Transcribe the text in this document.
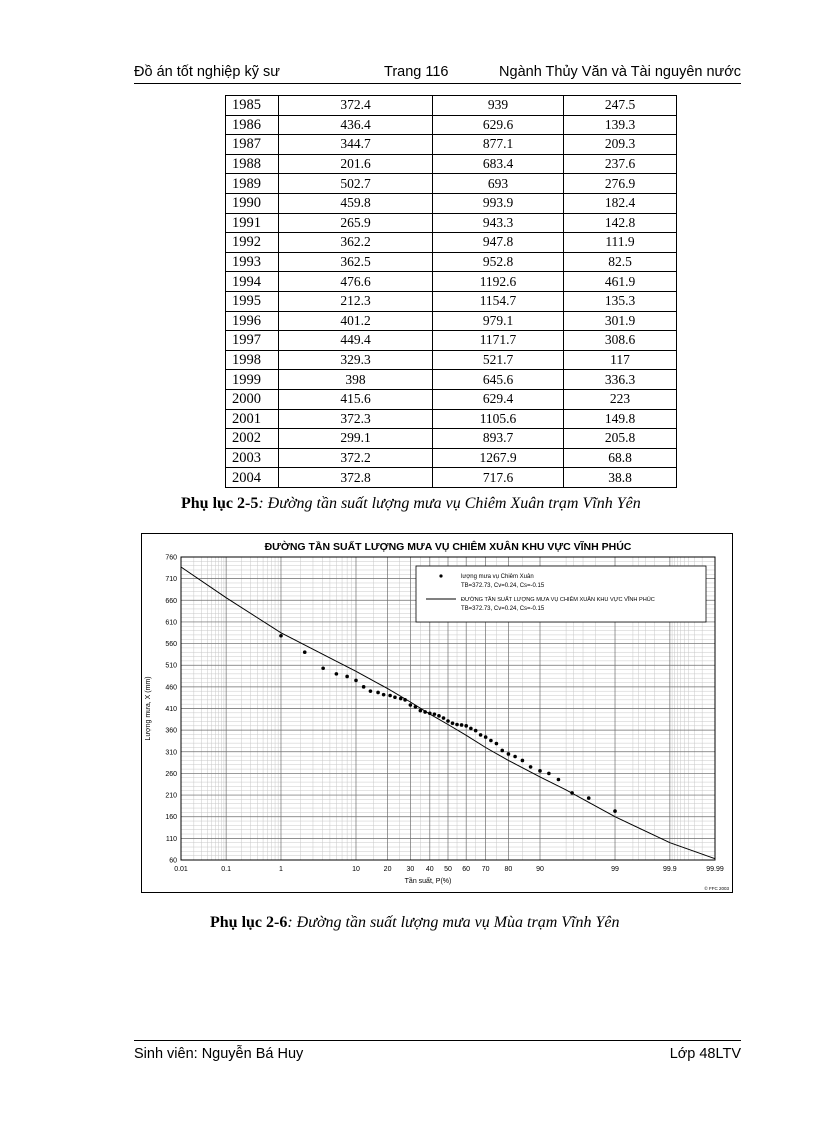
Đồ án tốt nghiệp kỹ sư	Trang 116	Ngành Thủy Văn và Tài nguyên nước
1985	372.4	939	247.5
1986	436.4	629.6	139.3
1987	344.7	877.1	209.3
1988	201.6	683.4	237.6
1989	502.7	693	276.9
1990	459.8	993.9	182.4
1991	265.9	943.3	142.8
1992	362.2	947.8	111.9
1993	362.5	952.8	82.5
1994	476.6	1192.6	461.9
1995	212.3	1154.7	135.3
1996	401.2	979.1	301.9
1997	449.4	1171.7	308.6
1998	329.3	521.7	117
1999	398	645.6	336.3
2000	415.6	629.4	223
2001	372.3	1105.6	149.8
2002	299.1	893.7	205.8
2003	372.2	1267.9	68.8
2004	372.8	717.6	38.8
Phụ lục 2-5: Đường tần suất lượng mưa vụ Chiêm Xuân trạm Vĩnh Yên
ĐƯỜNG TẦN SUẤT LƯỢNG MƯA VỤ CHIÊM XUÂN KHU VỰC VĨNH PHÚC
60
110
160
210
260
310
360
410
460
510
560
610
660
710
760
0.01	0.1	1	10	20 30 40 50 60 70 80	90	99	99.9	99.99
Tần suất, P(%)
Lượng mưa, X (mm)
© FFC 2003
lượng mưa vụ Chiêm Xuân
TB=372.73, Cv=0.24, Cs=-0.15
ĐƯỜNG TẦN SUẤT LƯỢNG MƯA VỤ CHIÊM XUÂN KHU VỰC VĨNH PHÚC
TB=372.73, Cv=0.24, Cs=-0.15
Phụ lục 2-6: Đường tần suất lượng mưa vụ Mùa trạm Vĩnh Yên
Sinh viên: Nguyễn Bá Huy	Lớp 48LTV
